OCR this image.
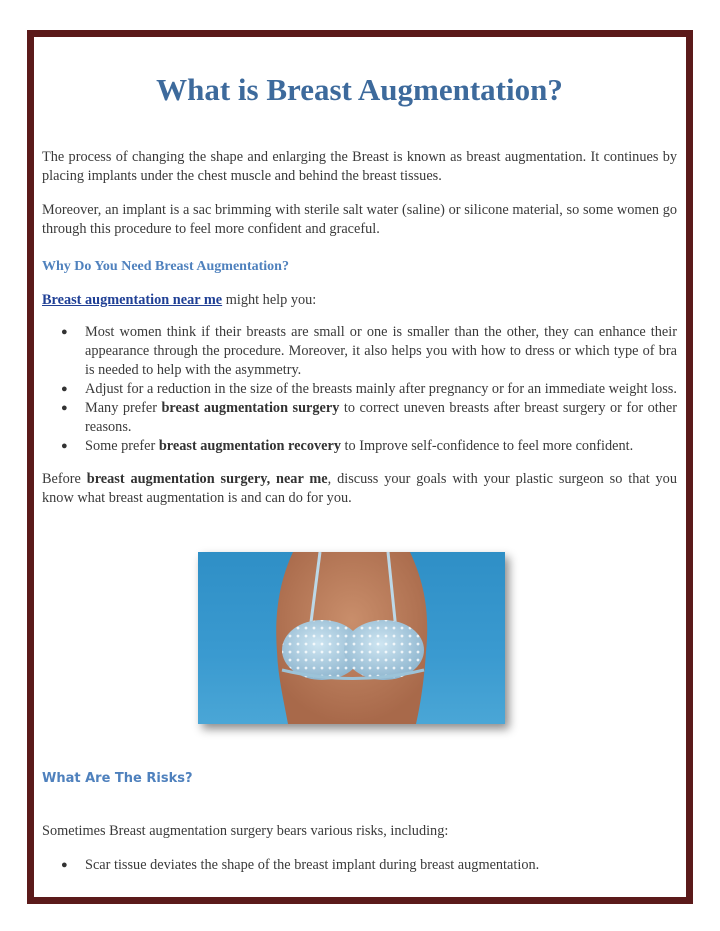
What is Breast Augmentation?

The process of changing the shape and enlarging the Breast is known as breast augmentation. It continues by placing implants under the chest muscle and behind the breast tissues.

Moreover, an implant is a sac brimming with sterile salt water (saline) or silicone material, so some women go through this procedure to feel more confident and graceful.

Why Do You Need Breast Augmentation?

Breast augmentation near me might help you:

● Most women think if their breasts are small or one is smaller than the other, they can enhance their appearance through the procedure. Moreover, it also helps you with how to dress or which type of bra is needed to help with the asymmetry.
● Adjust for a reduction in the size of the breasts mainly after pregnancy or for an immediate weight loss.
● Many prefer breast augmentation surgery to correct uneven breasts after breast surgery or for other reasons.
● Some prefer breast augmentation recovery to Improve self-confidence to feel more confident.

Before breast augmentation surgery, near me, discuss your goals with your plastic surgeon so that you know what breast augmentation is and can do for you.

What Are The Risks?

Sometimes Breast augmentation surgery bears various risks, including:

● Scar tissue deviates the shape of the breast implant during breast augmentation.
